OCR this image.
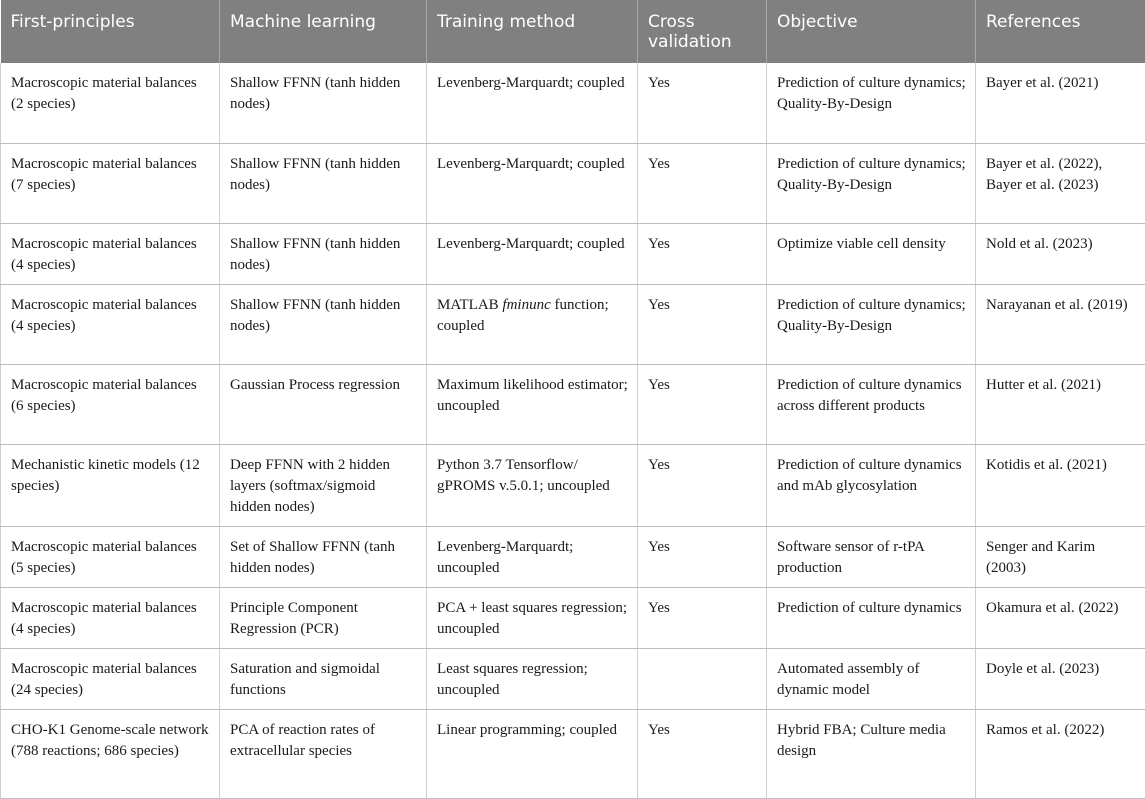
First-principles	Machine learning	Training method	Cross validation	Objective	References
Macroscopic material balances (2 species)	Shallow FFNN (tanh hidden nodes)	Levenberg-Marquardt; coupled	Yes	Prediction of culture dynamics; Quality-By-Design	Bayer et al. (2021)
Macroscopic material balances (7 species)	Shallow FFNN (tanh hidden nodes)	Levenberg-Marquardt; coupled	Yes	Prediction of culture dynamics; Quality-By-Design	Bayer et al. (2022), Bayer et al. (2023)
Macroscopic material balances (4 species)	Shallow FFNN (tanh hidden nodes)	Levenberg-Marquardt; coupled	Yes	Optimize viable cell density	Nold et al. (2023)
Macroscopic material balances (4 species)	Shallow FFNN (tanh hidden nodes)	MATLAB fminunc function; coupled	Yes	Prediction of culture dynamics; Quality-By-Design	Narayanan et al. (2019)
Macroscopic material balances (6 species)	Gaussian Process regression	Maximum likelihood estimator; uncoupled	Yes	Prediction of culture dynamics across different products	Hutter et al. (2021)
Mechanistic kinetic models (12 species)	Deep FFNN with 2 hidden layers (softmax/sigmoid hidden nodes)	Python 3.7 Tensorflow/ gPROMS v.5.0.1; uncoupled	Yes	Prediction of culture dynamics and mAb glycosylation	Kotidis et al. (2021)
Macroscopic material balances (5 species)	Set of Shallow FFNN (tanh hidden nodes)	Levenberg-Marquardt; uncoupled	Yes	Software sensor of r-tPA production	Senger and Karim (2003)
Macroscopic material balances (4 species)	Principle Component Regression (PCR)	PCA + least squares regression; uncoupled	Yes	Prediction of culture dynamics	Okamura et al. (2022)
Macroscopic material balances (24 species)	Saturation and sigmoidal functions	Least squares regression; uncoupled		Automated assembly of dynamic model	Doyle et al. (2023)
CHO-K1 Genome-scale network (788 reactions; 686 species)	PCA of reaction rates of extracellular species	Linear programming; coupled	Yes	Hybrid FBA; Culture media design	Ramos et al. (2022)
